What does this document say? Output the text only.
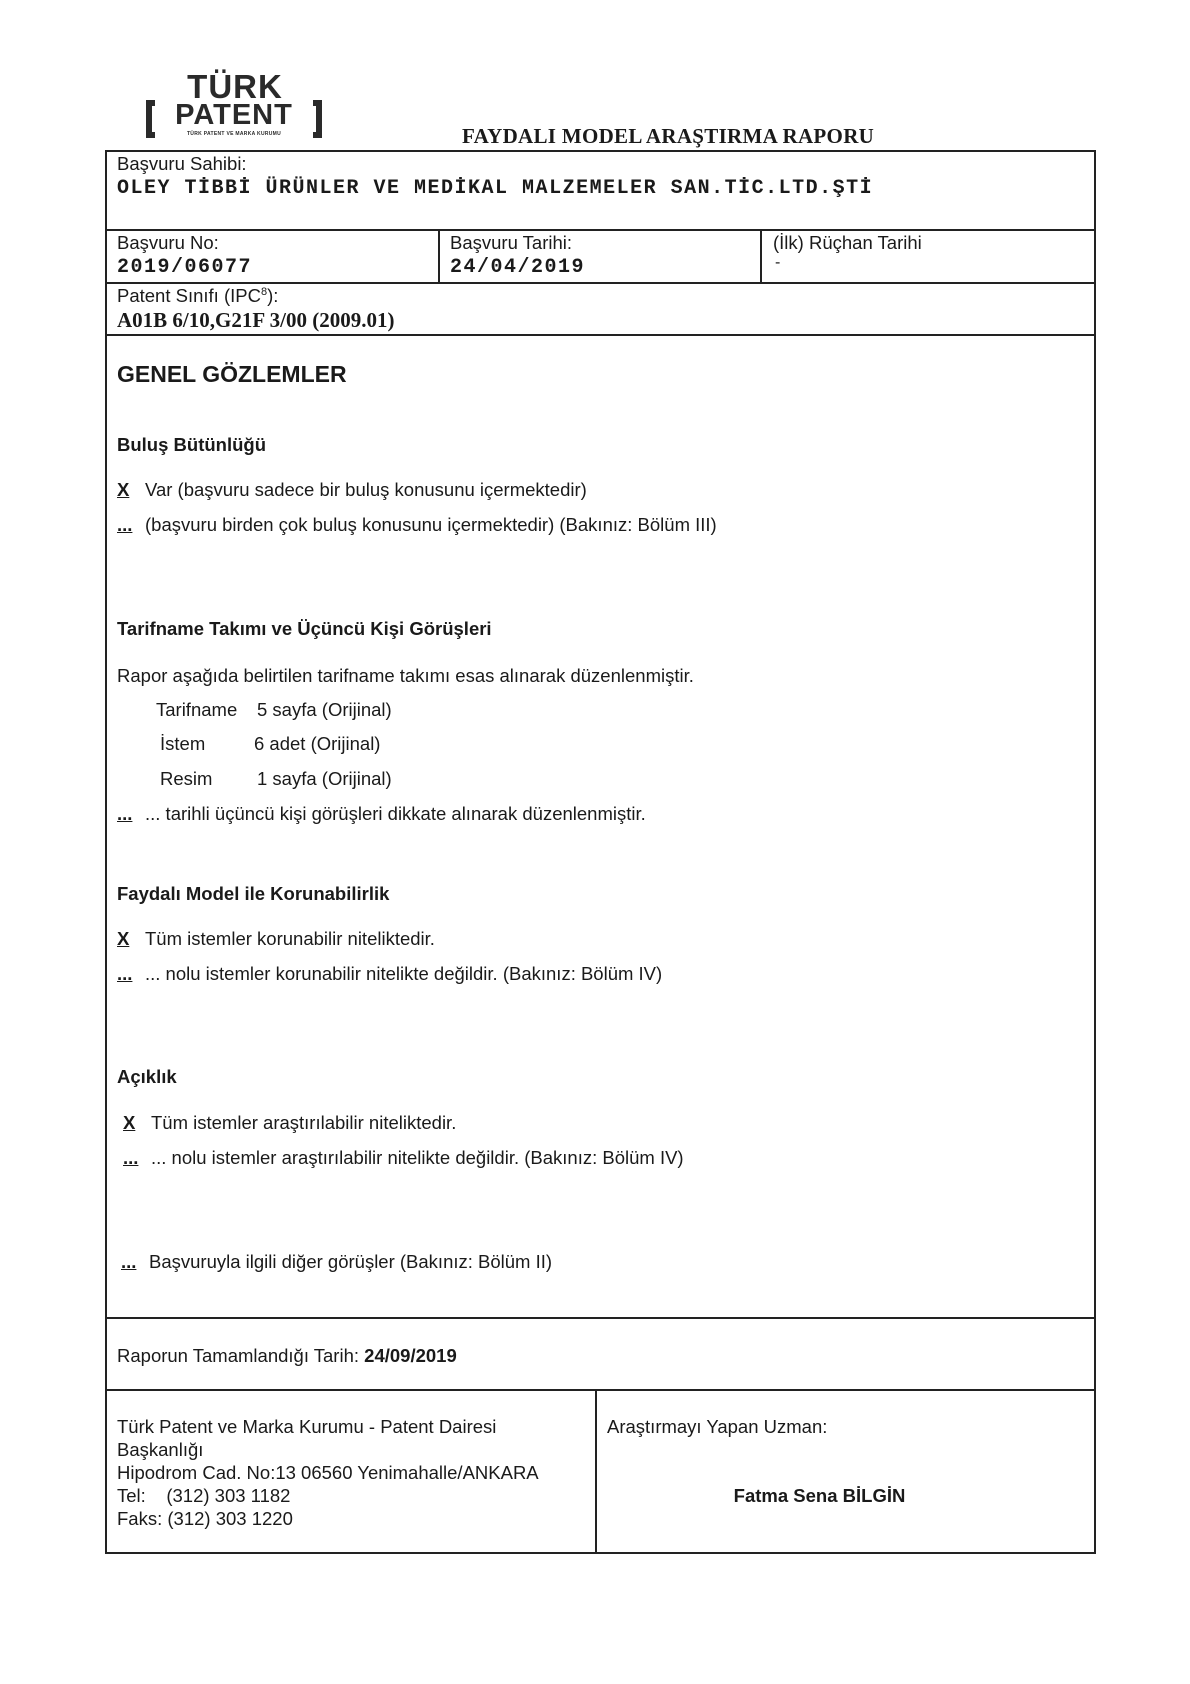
TÜRK
PATENT
TÜRK PATENT VE MARKA KURUMU	FAYDALI MODEL ARAŞTIRMA RAPORU
Başvuru Sahibi:
OLEY TİBBİ ÜRÜNLER VE MEDİKAL MALZEMELER SAN.TİC.LTD.ŞTİ
Başvuru No:
2019/06077
Başvuru Tarihi:
24/04/2019
(İlk) Rüçhan Tarihi
-
Patent Sınıfı (IPC$^8$):
A01B 6/10,G21F 3/00 (2009.01)
GENEL GÖZLEMLER
Buluş Bütünlüğü
X Var (başvuru sadece bir buluş konusunu içermektedir)
... (başvuru birden çok buluş konusunu içermektedir) (Bakınız: Bölüm III)
Tarifname Takımı ve Üçüncü Kişi Görüşleri
Rapor aşağıda belirtilen tarifname takımı esas alınarak düzenlenmiştir.
Tarifname 5 sayfa (Orijinal)
İstem	6 adet (Orijinal)
Resim 1 sayfa (Orijinal)
... ... tarihli üçüncü kişi görüşleri dikkate alınarak düzenlenmiştir.
Faydalı Model ile Korunabilirlik
X Tüm istemler korunabilir niteliktedir.
... ... nolu istemler korunabilir nitelikte değildir. (Bakınız: Bölüm IV)
Açıklık
X Tüm istemler araştırılabilir niteliktedir.
... ... nolu istemler araştırılabilir nitelikte değildir. (Bakınız: Bölüm IV)
... Başvuruyla ilgili diğer görüşler (Bakınız: Bölüm II)
Raporun Tamamlandığı Tarih: 24/09/2019
Türk Patent ve Marka Kurumu - Patent Dairesi
Başkanlığı
Hipodrom Cad. No:13 06560 Yenimahalle/ANKARA
Tel:    (312) 303 1182
Faks: (312) 303 1220
Araştırmayı Yapan Uzman:
Fatma Sena BİLGİN
